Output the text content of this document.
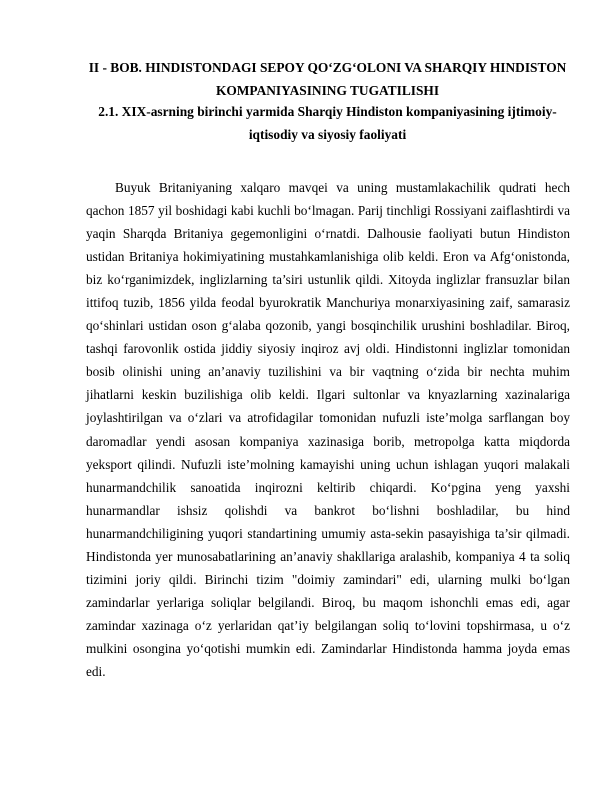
II - BOB. HINDISTONDAGI SEPOY QO‘ZG‘OLONI VA SHARQIY HINDISTON KOMPANIYASINING TUGATILISHI
2.1. XIX-asrning birinchi yarmida Sharqiy Hindiston kompaniyasining ijtimoiy-iqtisodiy va siyosiy faoliyati

Buyuk Britaniyaning xalqaro mavqei va uning mustamlakachilik qudrati hech qachon 1857 yil boshidagi kabi kuchli bo‘lmagan. Parij tinchligi Rossiyani zaiflashtirdi va yaqin Sharqda Britaniya gegemonligini o‘rnatdi. Dalhousie faoliyati butun Hindiston ustidan Britaniya hokimiyatining mustahkamlanishiga olib keldi. Eron va Afg‘onistonda, biz ko‘rganimizdek, inglizlarning ta’siri ustunlik qildi. Xitoyda inglizlar fransuzlar bilan ittifoq tuzib, 1856 yilda feodal byurokratik Manchuriya monarxiyasining zaif, samarasiz qo‘shinlari ustidan oson g‘alaba qozonib, yangi bosqinchilik urushini boshladilar. Biroq, tashqi farovonlik ostida jiddiy siyosiy inqiroz avj oldi. Hindistonni inglizlar tomonidan bosib olinishi uning an’anaviy tuzilishini va bir vaqtning o‘zida bir nechta muhim jihatlarni keskin buzilishiga olib keldi. Ilgari sultonlar va knyazlarning xazinalariga joylashtirilgan va o‘zlari va atrofidagilar tomonidan nufuzli iste’molga sarflangan boy daromadlar yendi asosan kompaniya xazinasiga borib, metropolga katta miqdorda yeksport qilindi. Nufuzli iste’molning kamayishi uning uchun ishlagan yuqori malakali hunarmandchilik sanoatida inqirozni keltirib chiqardi. Ko‘pgina yeng yaxshi hunarmandlar ishsiz qolishdi va bankrot bo‘lishni boshladilar, bu hind hunarmandchiligining yuqori standartining umumiy asta-sekin pasayishiga ta’sir qilmadi. Hindistonda yer munosabatlarining an’anaviy shakllariga aralashib, kompaniya 4 ta soliq tizimini joriy qildi. Birinchi tizim "doimiy zamindari" edi, ularning mulki bo‘lgan zamindarlar yerlariga soliqlar belgilandi. Biroq, bu maqom ishonchli emas edi, agar zamindar xazinaga o‘z yerlaridan qat’iy belgilangan soliq to‘lovini topshirmasa, u o‘z mulkini osongina yo‘qotishi mumkin edi. Zamindarlar Hindistonda hamma joyda emas edi.
